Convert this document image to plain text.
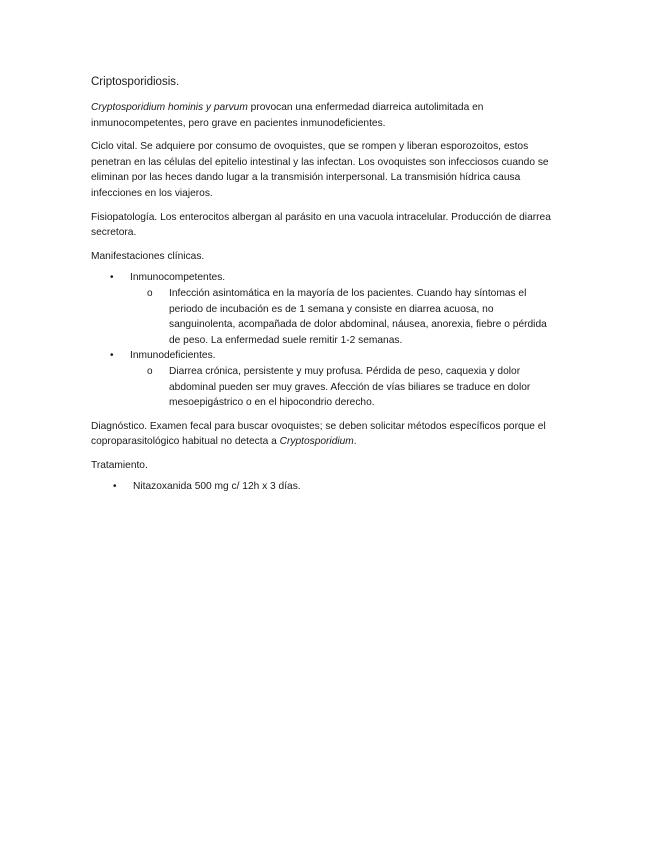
Criptosporidiosis.

Cryptosporidium hominis y parvum provocan una enfermedad diarreica autolimitada en inmunocompetentes, pero grave en pacientes inmunodeficientes.

Ciclo vital. Se adquiere por consumo de ovoquistes, que se rompen y liberan esporozoitos, estos penetran en las células del epitelio intestinal y las infectan. Los ovoquistes son infecciosos cuando se eliminan por las heces dando lugar a la transmisión interpersonal. La transmisión hídrica causa infecciones en los viajeros.

Fisiopatología. Los enterocitos albergan al parásito en una vacuola intracelular. Producción de diarrea secretora.

Manifestaciones clínicas.

• Inmunocompetentes.
o Infección asintomática en la mayoría de los pacientes. Cuando hay síntomas el periodo de incubación es de 1 semana y consiste en diarrea acuosa, no sanguinolenta, acompañada de dolor abdominal, náusea, anorexia, fiebre o pérdida de peso. La enfermedad suele remitir 1-2 semanas.
• Inmunodeficientes.
o Diarrea crónica, persistente y muy profusa. Pérdida de peso, caquexia y dolor abdominal pueden ser muy graves. Afección de vías biliares se traduce en dolor mesoepigástrico o en el hipocondrio derecho.

Diagnóstico. Examen fecal para buscar ovoquistes; se deben solicitar métodos específicos porque el coproparasitológico habitual no detecta a Cryptosporidium.

Tratamiento.

• Nitazoxanida 500 mg c/ 12h x 3 días.
